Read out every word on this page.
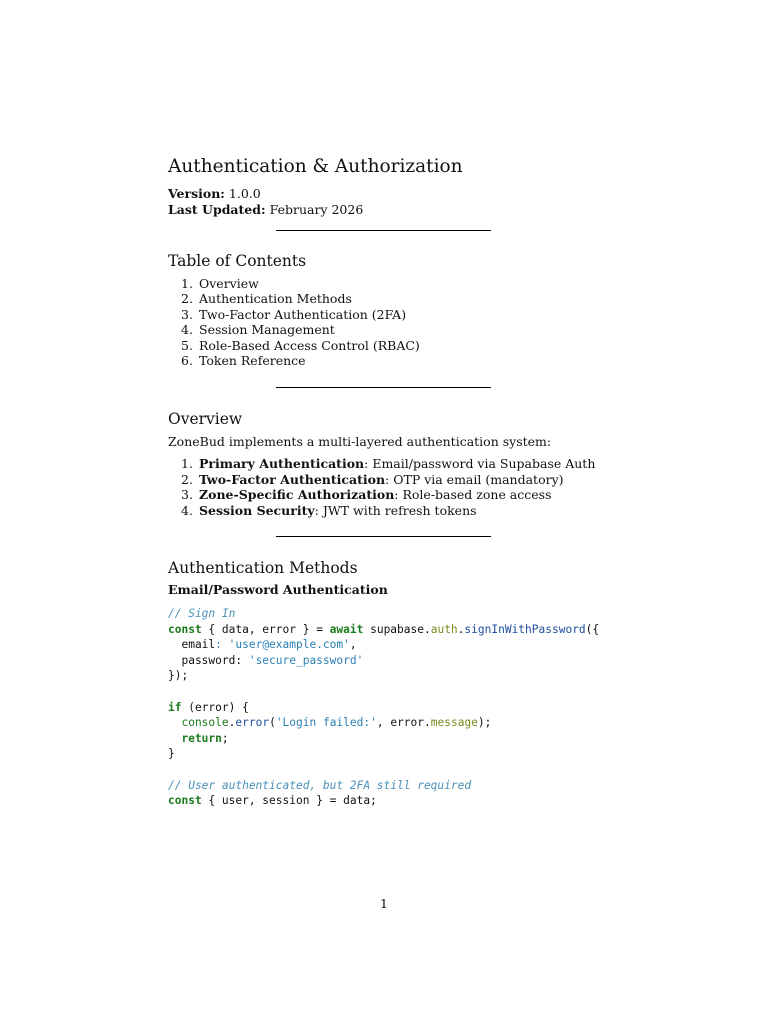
Authentication & Authorization

Version: 1.0.0

Last Updated: February 2026

Table of Contents
1. Overview
2. Authentication Methods
3. Two-Factor Authentication (2FA)
4. Session Management
5. Role-Based Access Control (RBAC)
6. Token Reference
Overview

ZoneBud implements a multi-layered authentication system:

1. Primary Authentication: Email/password via Supabase Auth
2. Two-Factor Authentication: OTP via email (mandatory)
3. Zone-Specific Authorization: Role-based zone access
4. Session Security: JWT with refresh tokens
Authentication Methods
Email/Password Authentication
// Sign In
const { data, error } = await supabase.auth.signInWithPassword({
email: 'user@example.com',
password: 'secure_password'
});
if (error) {
console.error('Login failed:', error.message);
return;
}
// User authenticated, but 2FA still required
const { user, session } = data;
1
